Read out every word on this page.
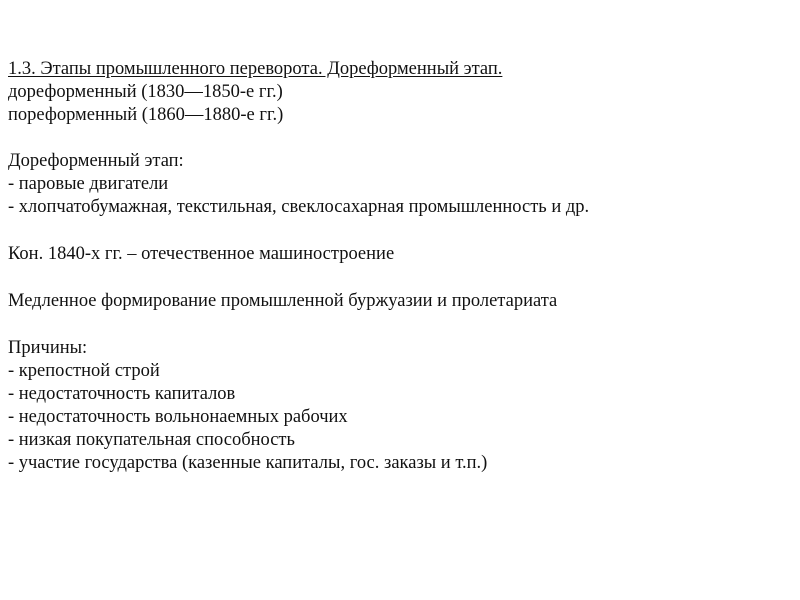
1.3. Этапы промышленного переворота. Дореформенный этап.
дореформенный (1830—1850-е гг.)
пореформенный (1860—1880-е гг.)
Дореформенный этап:
- паровые двигатели
- хлопчатобумажная, текстильная, свеклосахарная промышленность и др.
Кон. 1840-х гг. – отечественное машиностроение
Медленное формирование промышленной буржуазии и пролетариата
Причины:
- крепостной строй
- недостаточность капиталов
- недостаточность вольнонаемных рабочих
- низкая покупательная способность
- участие государства (казенные капиталы, гос. заказы и т.п.)
